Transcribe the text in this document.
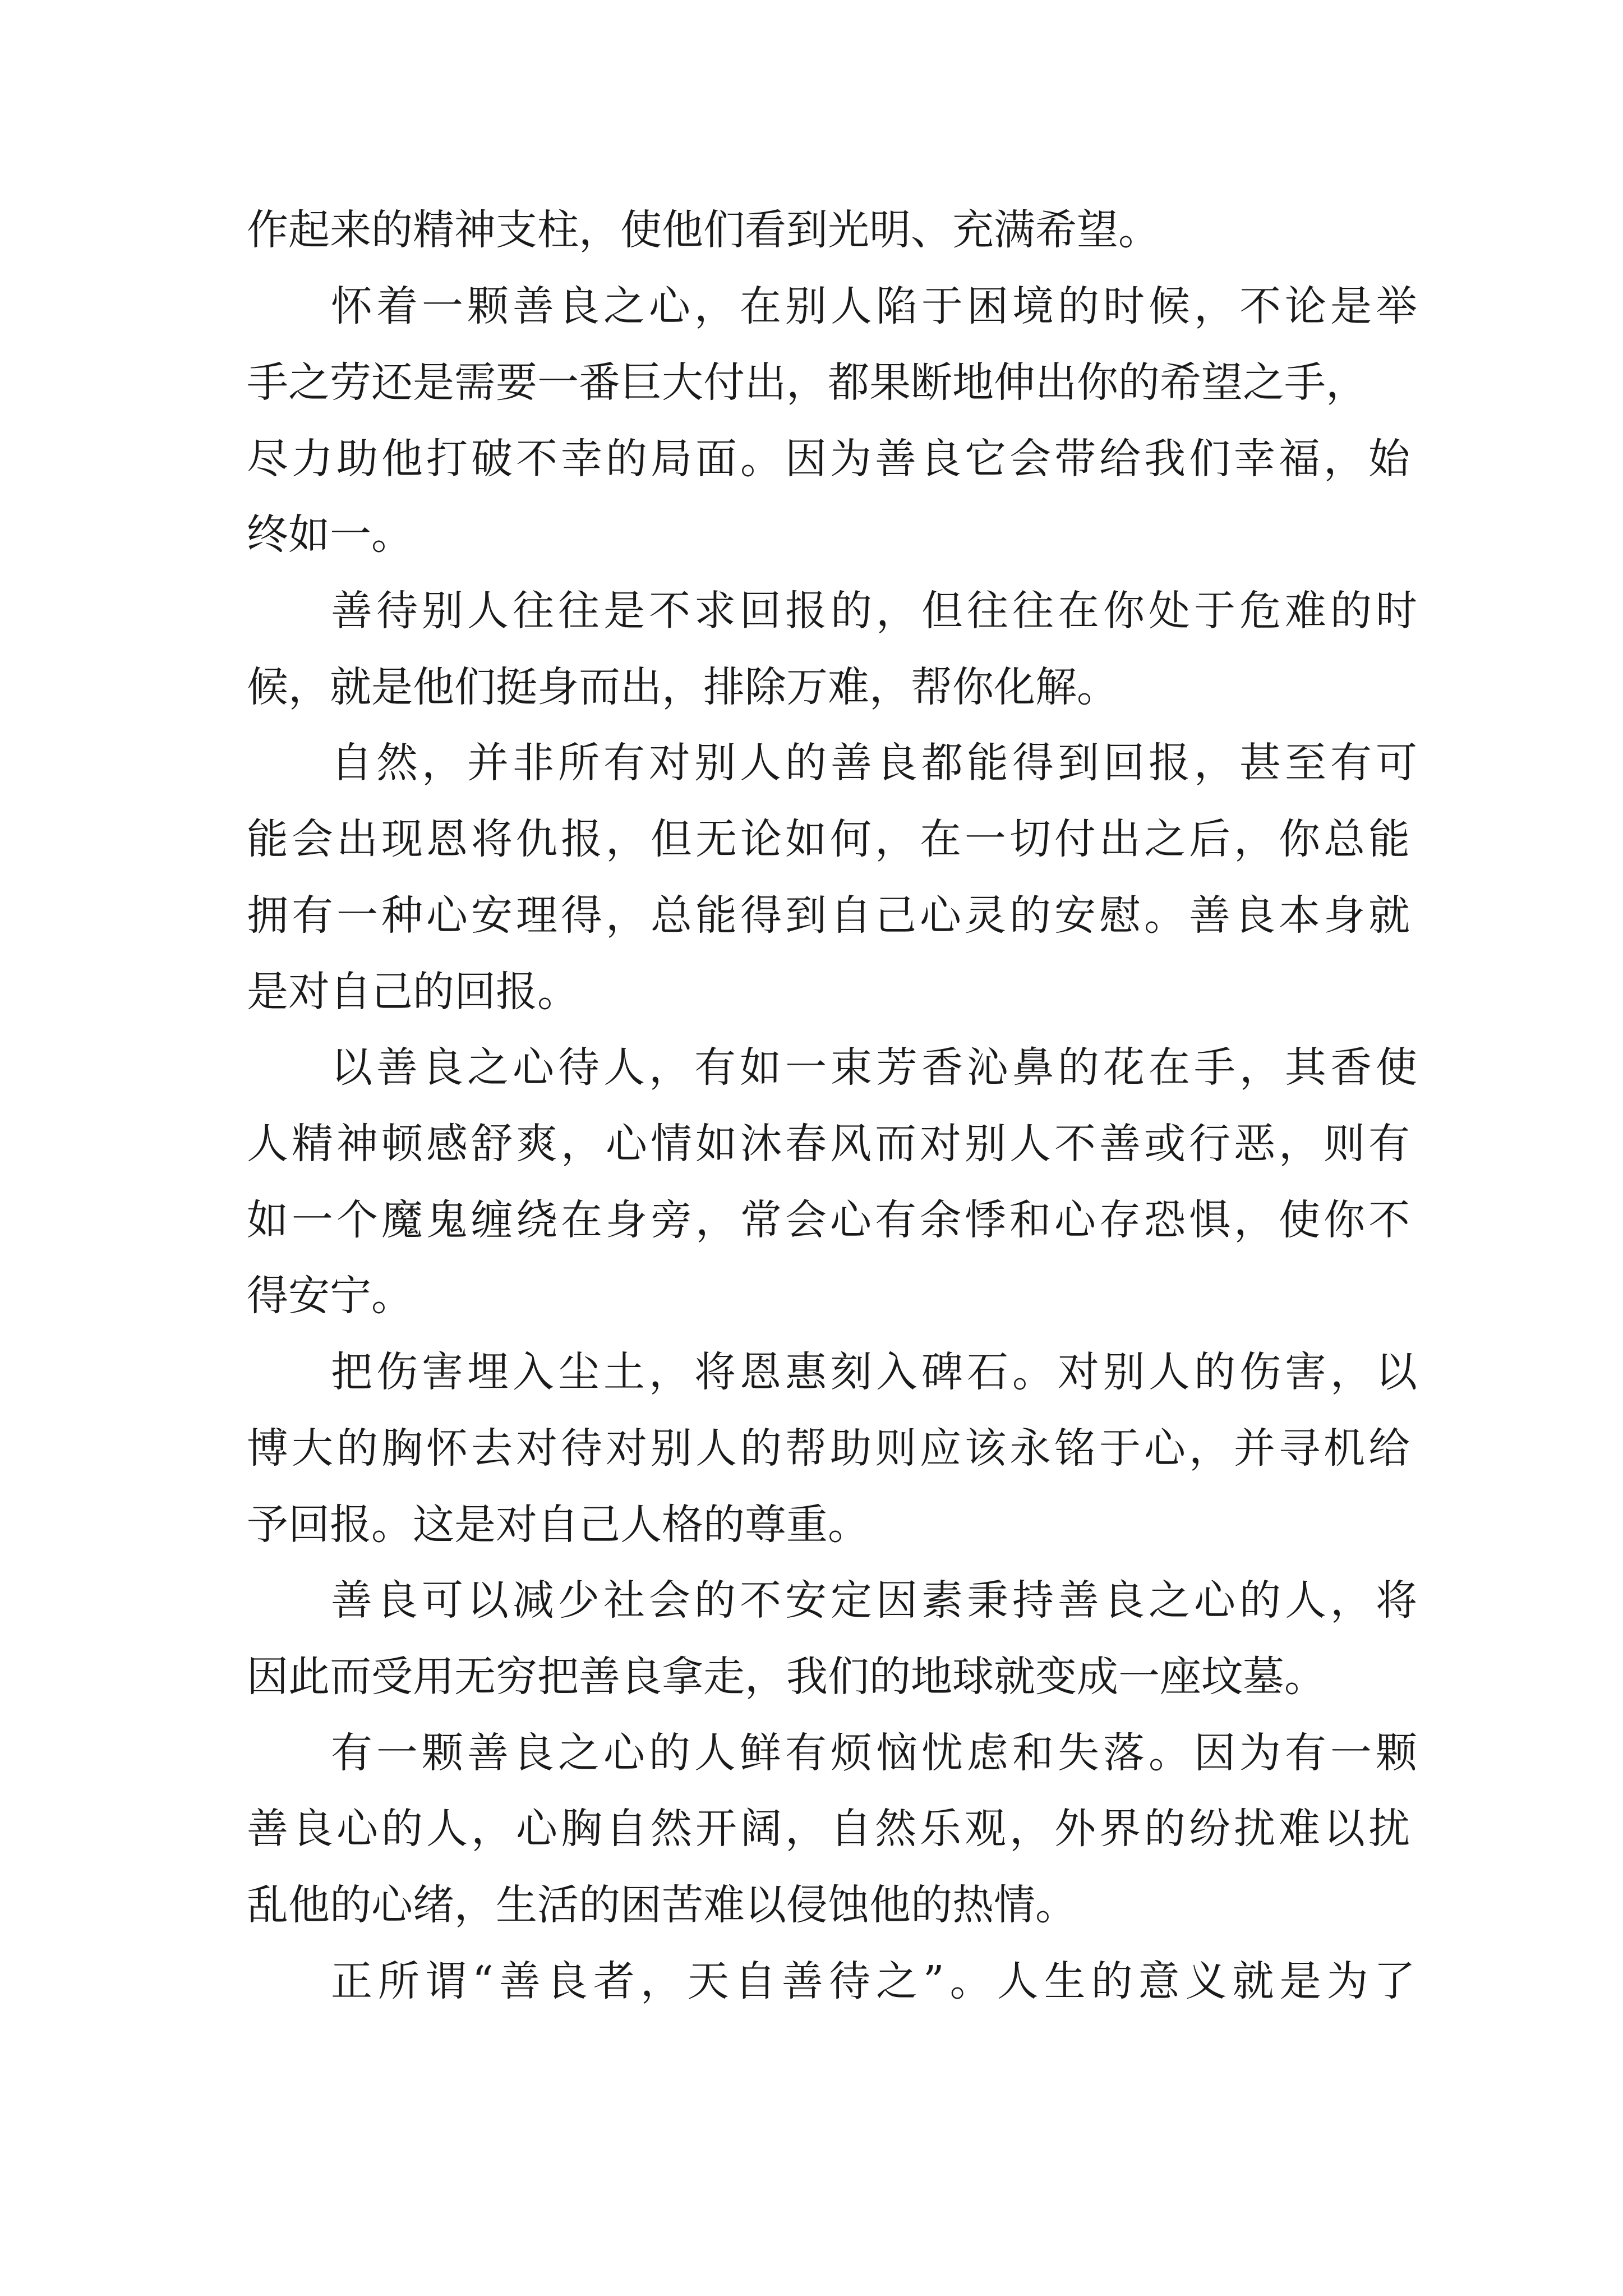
作起来的精神支柱，使他们看到光明、充满希望。
怀着一颗善良之心，在别人陷于困境的时候，不论是举
手之劳还是需要一番巨大付出，都果断地伸出你的希望之手，
尽力助他打破不幸的局面。因为善良它会带给我们幸福，始
终如一。
善待别人往往是不求回报的，但往往在你处于危难的时
候，就是他们挺身而出，排除万难，帮你化解。
自然，并非所有对别人的善良都能得到回报，甚至有可
能会出现恩将仇报，但无论如何，在一切付出之后，你总能
拥有一种心安理得，总能得到自己心灵的安慰。善良本身就
是对自己的回报。
以善良之心待人，有如一束芳香沁鼻的花在手，其香使
人精神顿感舒爽，心情如沐春风而对别人不善或行恶，则有
如一个魔鬼缠绕在身旁，常会心有余悸和心存恐惧，使你不
得安宁。
把伤害埋入尘土，将恩惠刻入碑石。对别人的伤害，以
博大的胸怀去对待对别人的帮助则应该永铭于心，并寻机给
予回报。这是对自己人格的尊重。
善良可以减少社会的不安定因素秉持善良之心的人，将
因此而受用无穷把善良拿走，我们的地球就变成一座坟墓。
有一颗善良之心的人鲜有烦恼忧虑和失落。因为有一颗
善良心的人，心胸自然开阔，自然乐观，外界的纷扰难以扰
乱他的心绪，生活的困苦难以侵蚀他的热情。
正所谓“善良者，天自善待之”。人生的意义就是为了
